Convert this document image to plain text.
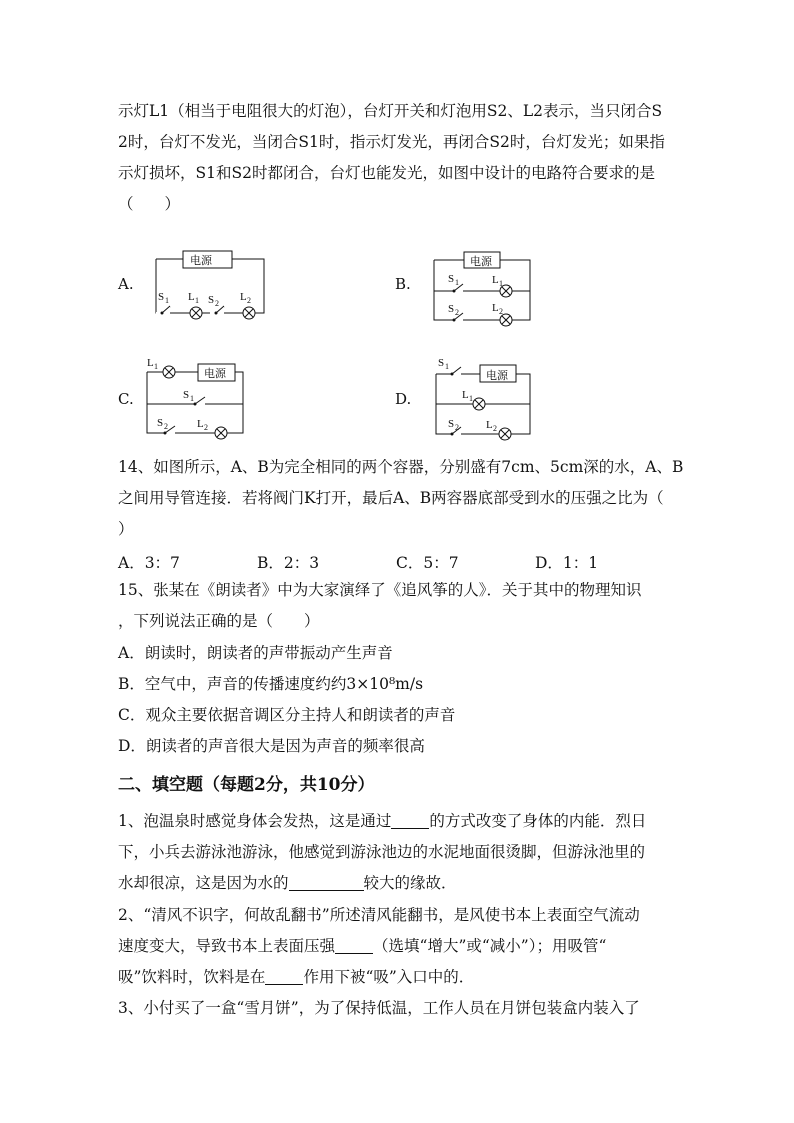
示灯L1（相当于电阻很大的灯泡），台灯开关和灯泡用S2、L2表示，当只闭合S
2时，台灯不发光，当闭合S1时，指示灯发光，再闭合S2时，台灯发光；如果指
示灯损坏，S1和S2时都闭合，台灯也能发光，如图中设计的电路符合要求的是
（　　）
A.
电源
S 1 L 1 S 2
L 2
B.
电源
S 1	L 1
S 2	L 2
C.
电源
L 1
S 1
S 2	L 2
D.
电源
S 1
L 1
S 2 L 2
14、如图所示，A、B为完全相同的两个容器，分别盛有7cm、5cm深的水，A、B
之间用导管连接．若将阀门K打开，最后A、B两容器底部受到水的压强之比为（
）
A．3：7	B．2：3	C．5：7	D．1：1
15、张某在《朗读者》中为大家演绎了《追风筝的人》．关于其中的物理知识
，下列说法正确的是（　　）
A．朗读时，朗读者的声带振动产生声音
B．空气中，声音的传播速度约约3×10⁸m/s
C．观众主要依据音调区分主持人和朗读者的声音
D．朗读者的声音很大是因为声音的频率很高
二、填空题（每题2分，共10分）
1、泡温泉时感觉身体会发热，这是通过 的方式改变了身体的内能．烈日
下，小兵去游泳池游泳，他感觉到游泳池边的水泥地面很烫脚，但游泳池里的
水却很凉，这是因为水的	较大的缘故．
2、“清风不识字，何故乱翻书”所述清风能翻书，是风使书本上表面空气流动
速度变大，导致书本上表面压强 （选填“增大”或“减小”）；用吸管“
吸”饮料时，饮料是在 作用下被“吸”入口中的．
3、小付买了一盒“雪月饼”，为了保持低温，工作人员在月饼包装盒内装入了
